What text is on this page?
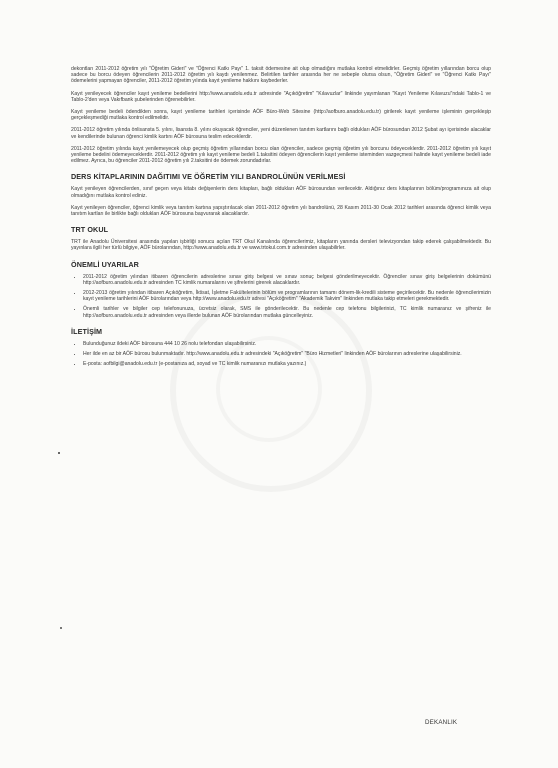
dekontları 2011-2012 öğretim yılı "Öğretim Gideri" ve "Öğrenci Katkı Payı" 1. taksit ödemesine ait olup olmadığını mutlaka kontrol etmelidirler. Geçmiş öğretim yıllarından borcu olup sadece bu borcu ödeyen öğrencilerin 2011-2012 öğretim yılı kaydı yenilenmez. Belirtilen tarihler arasında her ne sebeple olursa olsun, "Öğretim Gideri" ve "Öğrenci Katkı Payı" ödemelerini yapmayan öğrenciler, 2011-2012 öğretim yılında kayıt yenileme hakkını kaybederler.

Kayıt yenileyecek öğrenciler kayıt yenileme bedellerini http://www.anadolu.edu.tr adresinde "Açıköğretim" "Kılavuzlar" linkinde yayımlanan "Kayıt Yenileme Kılavuzu"ndaki Tablo-1 ve Tablo-2'den veya Vakıfbank şubelerinden öğrenebilirler.

Kayıt yenileme bedeli ödendikten sonra, kayıt yenileme tarihleri içerisinde AÖF Büro-Web Sitesine (http://aofburo.anadolu.edu.tr) girilerek kayıt yenileme işleminin gerçekleşip gerçekleşmediği mutlaka kontrol edilmelidir.

2011-2012 öğretim yılında önlisansta 5. yılını, lisansta 8. yılını okuyacak öğrenciler, yeni düzenlenen tanıtım kartlarını bağlı oldukları AÖF bürosundan 2012 Şubat ayı içerisinde alacaklar ve kendilerinde bulunan öğrenci kimlik kartını AÖF bürosuna teslim edeceklerdir.

2011-2012 öğretim yılında kayıt yenilemeyecek olup geçmiş öğretim yıllarından borcu olan öğrenciler, sadece geçmiş öğretim yılı borcunu ödeyeceklerdir. 2011-2012 öğretim yılı kayıt yenileme bedelini ödemeyeceklerdir. 2011-2012 öğretim yılı kayıt yenileme bedeli 1.taksitini ödeyen öğrencilerin kayıt yenileme isteminden vazgeçmesi halinde kayıt yenileme bedeli iade edilmez. Ayrıca, bu öğrenciler 2011-2012 öğretim yılı 2.taksitini de ödemek zorundadırlar.

DERS KİTAPLARININ DAĞITIMI VE ÖĞRETİM YILI BANDROLÜNÜN VERİLMESİ

Kayıt yenileyen öğrencilerden, sınıf geçen veya kitabı değişenlerin ders kitapları, bağlı oldukları AÖF bürosundan verilecektir. Aldığınız ders kitaplarının bölüm/programınıza ait olup olmadığını mutlaka kontrol ediniz.

Kayıt yenileyen öğrenciler, öğrenci kimlik veya tanıtım kartına yapıştırılacak olan 2011-2012 öğretim yılı bandrolünü, 28 Kasım 2011-30 Ocak 2012 tarihleri arasında öğrenci kimlik veya tanıtım kartları ile birlikte bağlı oldukları AÖF bürosuna başvurarak alacaklardır.

TRT OKUL

TRT ile Anadolu Üniversitesi arasında yapılan işbirliği sonucu açılan TRT Okul Kanalında öğrencilerimiz, kitapların yanında dersleri televizyondan takip ederek çalışabilmektedir. Bu yayınlara ilgili her türlü bilgiye, AÖF bürolarından, http://www.anadolu.edu.tr ve www.trtokul.com.tr adresinden ulaşabilirler.

ÖNEMLİ UYARILAR
• 2011-2012 öğretim yılından itibaren öğrencilerin adreslerine sınav giriş belgesi ve sınav sonuç belgesi gönderilmeyecektir. Öğrenciler sınav giriş belgelerinin dokümünü http://aofburo.anadolu.edu.tr adresinden TC kimlik numaralarını ve şifrelerini girerek alacaklardır.
• 2012-2013 öğretim yılından itibaren Açıköğretim, İktisat, İşletme Fakültelerinin bölüm ve programlarının tamamı dönem-lik-kredili sisteme geçirilecektir. Bu nedenle öğrencilerimizin kayıt yenileme tarihlerini AÖF bürolarından veya http://www.anadolu.edu.tr adresi "Açıköğretim" "Akademik Takvim" linkinden mutlaka takip etmeleri gerekmektedir.
• Önemli tarihler ve bilgiler cep telefonunuza, ücretsiz olarak, SMS ile gönderilecektir. Bu nedenle cep telefonu bilgilerinizi, TC kimlik numaranız ve şifreniz ile http://aofburo.anadolu.edu.tr adresinden veya illerde bulunan AÖF bürolarından mutlaka güncelleyiniz.
İLETİŞİM
• Bulunduğunuz ildeki AÖF bürosuna 444 10 26 nolu telefondan ulaşabilirsiniz.
• Her ilde en az bir AÖF bürosu bulunmaktadır. http://www.anadolu.edu.tr adresindeki "Açıköğretim" "Büro Hizmetleri" linkinden AÖF bürolarının adreslerine ulaşabilirsiniz.
• E-posta: aofbilgi@anadolu.edu.tr (e-postanıza ad, soyad ve TC kimlik numaranızı mutlaka yazınız.)
DEKANLIK
